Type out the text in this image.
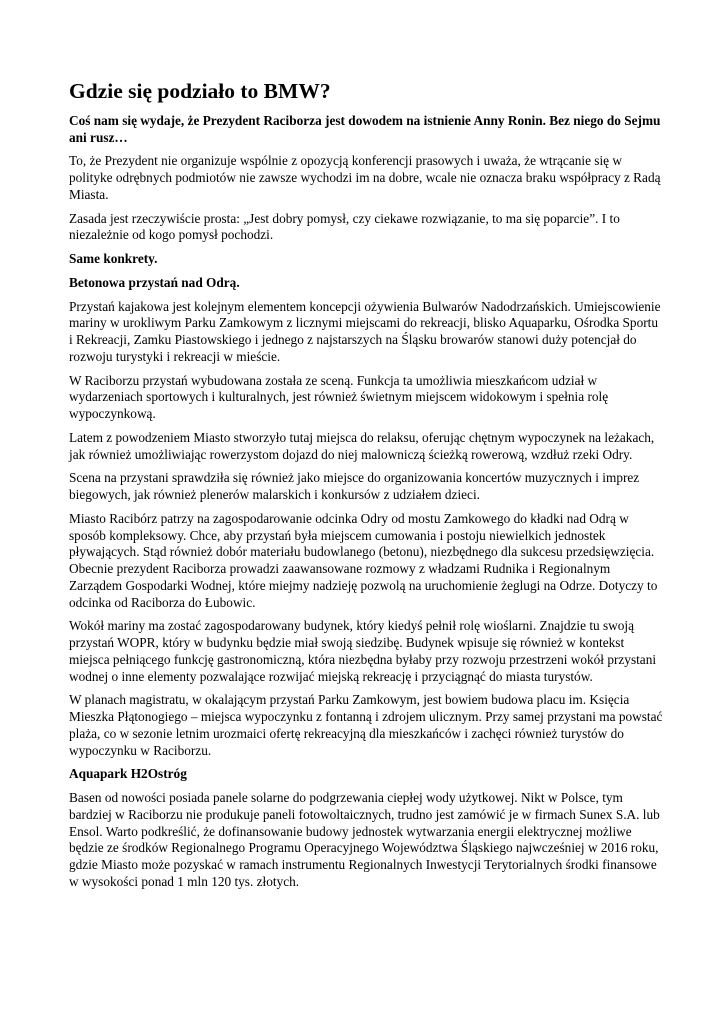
Gdzie się podziało to BMW?

Coś nam się wydaje, że Prezydent Raciborza jest dowodem na istnienie Anny Ronin. Bez niego do Sejmu ani rusz…

To, że Prezydent nie organizuje wspólnie z opozycją konferencji prasowych i uważa, że wtrącanie się w polityke odrębnych podmiotów nie zawsze wychodzi im na dobre, wcale nie oznacza braku współpracy z Radą Miasta.

Zasada jest rzeczywiście prosta: „Jest dobry pomysł, czy ciekawe rozwiązanie, to ma się poparcie”. I to niezależnie od kogo pomysł pochodzi.

Same konkrety.

Betonowa przystań nad Odrą.

Przystań kajakowa jest kolejnym elementem koncepcji ożywienia Bulwarów Nadodrzańskich. Umiejscowienie mariny w urokliwym Parku Zamkowym z licznymi miejscami do rekreacji, blisko Aquaparku, Ośrodka Sportu i Rekreacji, Zamku Piastowskiego i jednego z najstarszych na Śląsku browarów stanowi duży potencjał do rozwoju turystyki i rekreacji w mieście.

W Raciborzu przystań wybudowana została ze sceną. Funkcja ta umożliwia mieszkańcom udział w wydarzeniach sportowych i kulturalnych, jest również świetnym miejscem widokowym i spełnia rolę wypoczynkową.

Latem z powodzeniem Miasto stworzyło tutaj miejsca do relaksu, oferując chętnym wypoczynek na leżakach, jak również umożliwiając rowerzystom dojazd do niej malowniczą ścieżką rowerową, wzdłuż rzeki Odry.

Scena na przystani sprawdziła się również jako miejsce do organizowania koncertów muzycznych i imprez biegowych, jak również plenerów malarskich i konkursów z udziałem dzieci.

Miasto Racibórz patrzy na zagospodarowanie odcinka Odry od mostu Zamkowego do kładki nad Odrą w sposób kompleksowy. Chce, aby przystań była miejscem cumowania i postoju niewielkich jednostek pływających. Stąd również dobór materiału budowlanego (betonu), niezbędnego dla sukcesu przedsięwzięcia. Obecnie prezydent Raciborza prowadzi zaawansowane rozmowy z władzami Rudnika i Regionalnym Zarządem Gospodarki Wodnej, które miejmy nadzieję pozwolą na uruchomienie żeglugi na Odrze. Dotyczy to odcinka od Raciborza do Łubowic.

Wokół mariny ma zostać zagospodarowany budynek, który kiedyś pełnił rolę wioślarni. Znajdzie tu swoją przystań WOPR, który w budynku będzie miał swoją siedzibę. Budynek wpisuje się również w kontekst miejsca pełniącego funkcję gastronomiczną, która niezbędna byłaby przy rozwoju przestrzeni wokół przystani wodnej o inne elementy pozwalające rozwijać miejską rekreację i przyciągnąć do miasta turystów.

W planach magistratu, w okalającym przystań Parku Zamkowym, jest bowiem budowa placu im. Księcia Mieszka Płątonogiego – miejsca wypoczynku z fontanną i zdrojem ulicznym. Przy samej przystani ma powstać plaża, co w sezonie letnim urozmaici ofertę rekreacyjną dla mieszkańców i zachęci również turystów do wypoczynku w Raciborzu.

Aquapark H2Ostróg

Basen od nowości posiada panele solarne do podgrzewania ciepłej wody użytkowej. Nikt w Polsce, tym bardziej w Raciborzu nie produkuje paneli fotowoltaicznych, trudno jest zamówić je w firmach Sunex S.A. lub Ensol. Warto podkreślić, że dofinansowanie budowy jednostek wytwarzania energii elektrycznej możliwe będzie ze środków Regionalnego Programu Operacyjnego Województwa Śląskiego najwcześniej w 2016 roku, gdzie Miasto może pozyskać w ramach instrumentu Regionalnych Inwestycji Terytorialnych środki finansowe w wysokości ponad 1 mln 120 tys. złotych.
